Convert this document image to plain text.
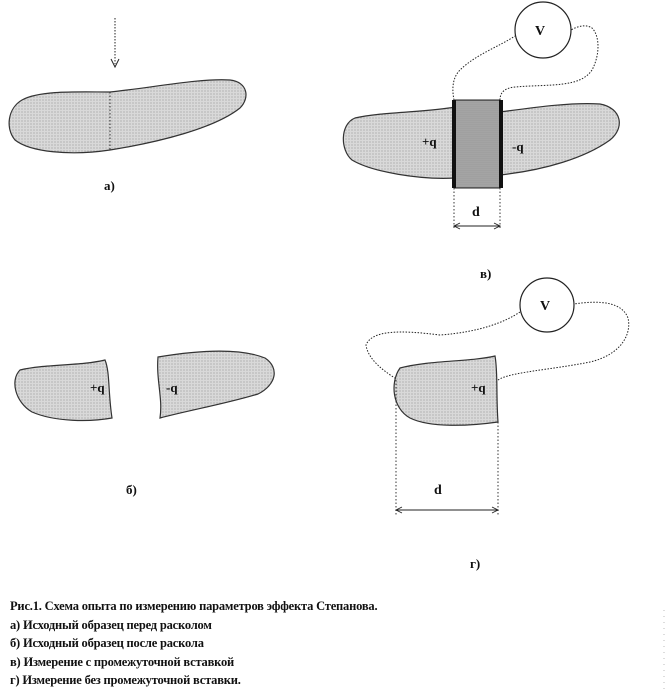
а)
V
+q	-q
d
в)
+q	-q
б)
V
+q
d
г)
Рис.1. Схема опыта по измерению параметров эффекта Степанова.
а) Исходный образец перед расколом
б) Исходный образец после раскола
в) Измерение с промежуточной вставкой
г) Измерение без промежуточной вставки.
